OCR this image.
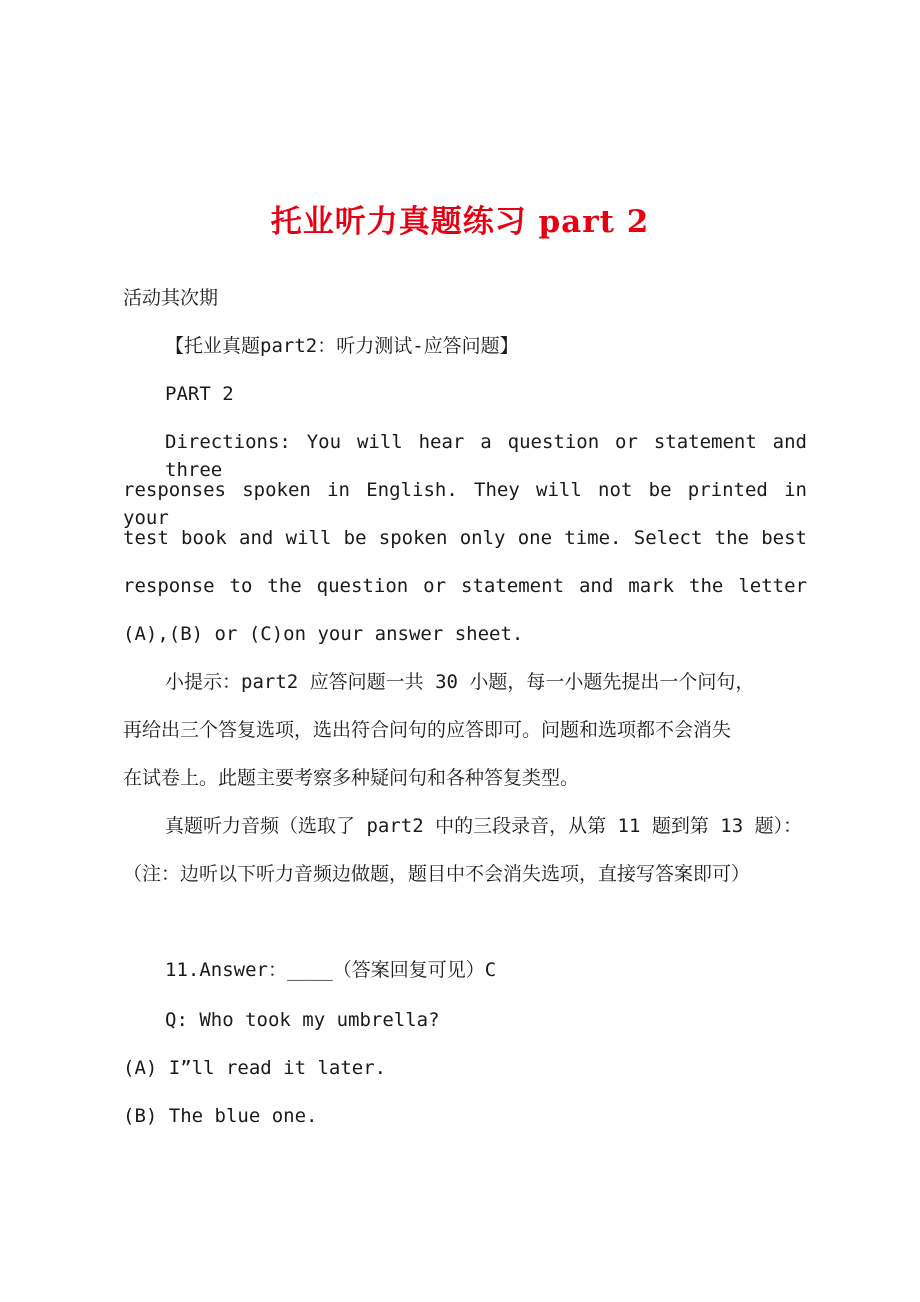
托业听力真题练习 part 2
活动其次期
【托业真题part2：听力测试-应答问题】
PART 2
Directions: You will hear a question or statement and three
responses spoken in English. They will not be printed in your
test book and will be spoken only one time. Select the best
response to the question or statement and mark the letter
(A),(B) or (C)on your answer sheet.
小提示：part2 应答问题一共 30 小题，每一小题先提出一个问句，
再给出三个答复选项，选出符合问句的应答即可。问题和选项都不会消失
在试卷上。此题主要考察多种疑问句和各种答复类型。
真题听力音频（选取了 part2 中的三段录音，从第 11 题到第 13 题）：
（注：边听以下听力音频边做题，题目中不会消失选项，直接写答案即可）
11.Answer：____（答案回复可见）C
Q: Who took my umbrella?
(A) I”ll read it later.
(B) The blue one.
